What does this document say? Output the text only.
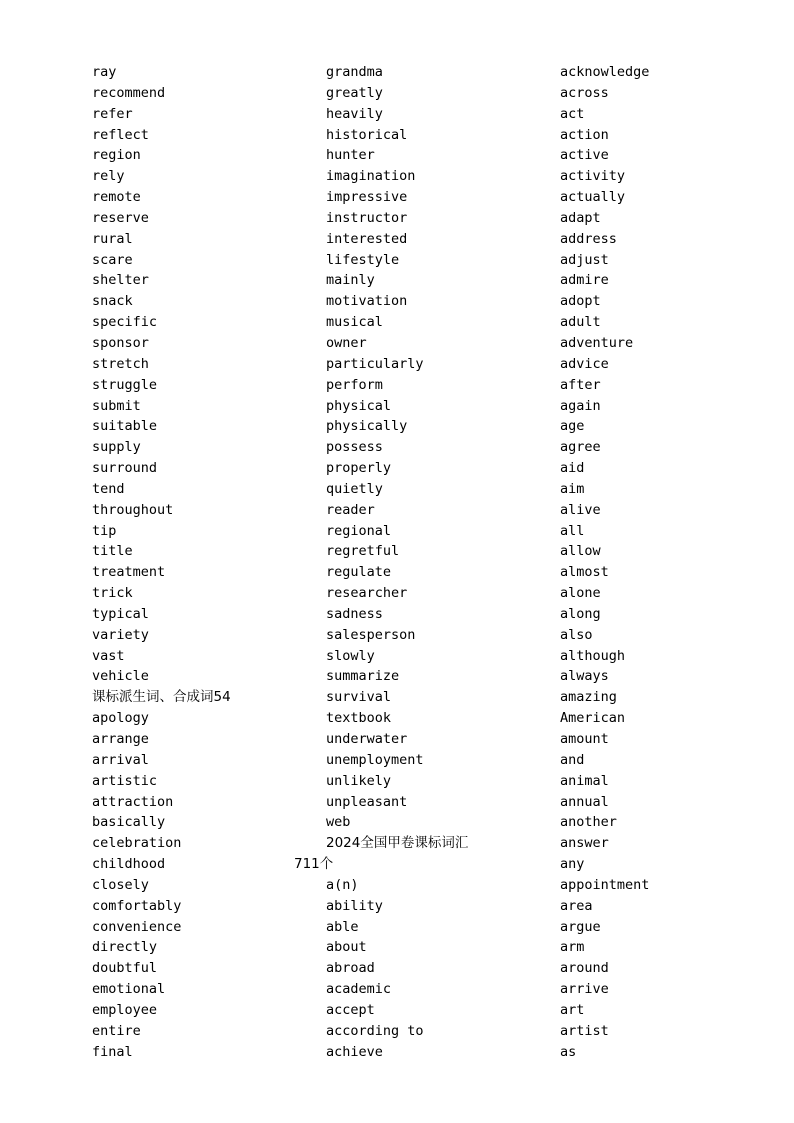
ray
recommend
refer
reflect
region
rely
remote
reserve
rural
scare
shelter
snack
specific
sponsor
stretch
struggle
submit
suitable
supply
surround
tend
throughout
tip
title
treatment
trick
typical
variety
vast
vehicle
课标派生词、合成词54
apology
arrange
arrival
artistic
attraction
basically
celebration
childhood
closely
comfortably
convenience
directly
doubtful
emotional
employee
entire
final
grandma
greatly
heavily
historical
hunter
imagination
impressive
instructor
interested
lifestyle
mainly
motivation
musical
owner
particularly
perform
physical
physically
possess
properly
quietly
reader
regional
regretful
regulate
researcher
sadness
salesperson
slowly
summarize
survival
textbook
underwater
unemployment
unlikely
unpleasant
web
2024全国甲卷课标词汇
711个
a(n)
ability
able
about
abroad
academic
accept
according to
achieve
acknowledge
across
act
action
active
activity
actually
adapt
address
adjust
admire
adopt
adult
adventure
advice
after
again
age
agree
aid
aim
alive
all
allow
almost
alone
along
also
although
always
amazing
American
amount
and
animal
annual
another
answer
any
appointment
area
argue
arm
around
arrive
art
artist
as
